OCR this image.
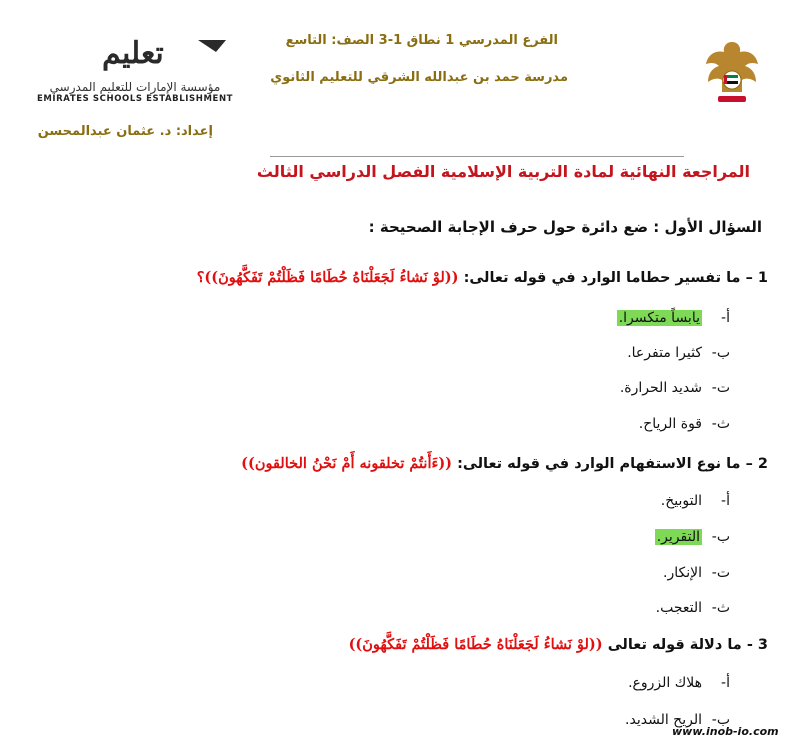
الفرع المدرسي 1 نطاق 1-3 الصف: التاسع
مدرسة حمد بن عبدالله الشرقي للتعليم الثانوي
إعداد: د. عثمان عبدالمحسن
تعليم
مؤسسة الإمارات للتعليم المدرسي
EMIRATES SCHOOLS ESTABLISHMENT
المراجعة النهائية لمادة التربية الإسلامية الفصل الدراسي الثالث
السؤال الأول : ضع دائرة حول حرف الإجابة الصحيحة :
1 – ما تفسير حطاما الوارد في قوله تعالى: ((لوْ نَشاءُ لَجَعَلْنَاهُ حُطَامًا فَظَلْتُمْ تَفَكَّهُونَ))؟
أ-يابساً متكسرا.
ب-كثيرا متفرعا.
ت-شديد الحرارة.
ث-قوة الرياح.
2 – ما نوع الاستفهام الوارد في قوله تعالى: ((ءَأَنتُمْ تخلقونه أَمْ نَحْنُ الخالقون))
أ-التوبيخ.
ب-التقرير.
ت-الإنكار.
ث-التعجب.
3 - ما دلالة قوله تعالى ((لوْ نَشاءُ لَجَعَلْنَاهُ حُطَامًا فَظَلْتُمْ تَفَكَّهُونَ))
أ-هلاك الزروع.
ب-الريح الشديد.
www.inob-io.com
